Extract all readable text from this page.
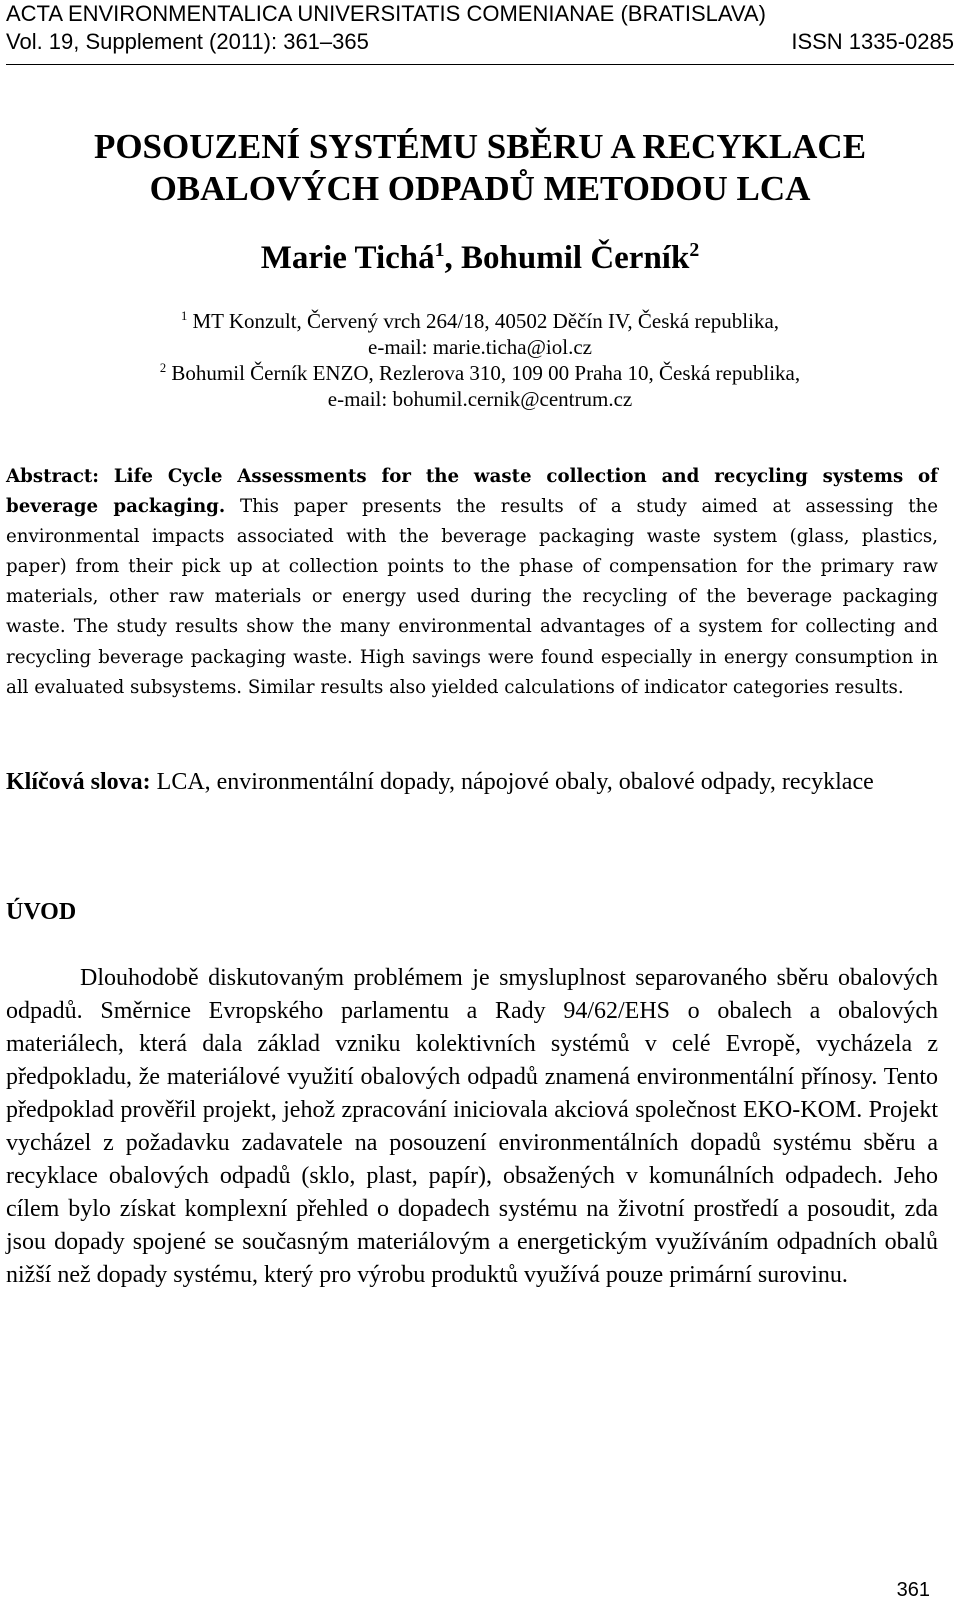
ACTA ENVIRONMENTALICA UNIVERSITATIS COMENIANAE (BRATISLAVA)
Vol. 19, Supplement (2011): 361–365	ISSN 1335-0285
POSOUZENÍ SYSTÉMU SBĚRU A RECYKLACE
OBALOVÝCH ODPADŮ METODOU LCA
Marie Tichá$^1$, Bohumil Černík$^2$
$^1$ MT Konzult, Červený vrch 264/18, 40502 Děčín IV, Česká republika,
e-mail: marie.ticha@iol.cz
$^2$ Bohumil Černík ENZO, Rezlerova 310, 109 00 Praha 10, Česká republika,
e-mail: bohumil.cernik@centrum.cz
Abstract: Life Cycle Assessments for the waste collection and recycling systems of beverage packaging. This paper presents the results of a study aimed at assessing the environmental impacts associated with the beverage packaging waste system (glass, plastics, paper) from their pick up at collection points to the phase of compensation for the primary raw materials, other raw materials or energy used during the recycling of the beverage packaging waste. The study results show the many environmental advantages of a system for collecting and recycling beverage packaging waste. High savings were found especially in energy consumption in all evaluated subsystems. Similar results also yielded calculations of indicator categories results.
Klíčová slova: LCA, environmentální dopady, nápojové obaly, obalové odpady, recyklace
ÚVOD
Dlouhodobě diskutovaným problémem je smysluplnost separovaného sběru obalových odpadů. Směrnice Evropského parlamentu a Rady 94/62/EHS o obalech a obalových materiálech, která dala základ vzniku kolektivních systémů v celé Evropě, vycházela z předpokladu, že materiálové využití obalových odpadů znamená environmentální přínosy. Tento předpoklad prověřil projekt, jehož zpracování iniciovala akciová společnost EKO-KOM. Projekt vycházel z požadavku zadavatele na posouzení environmentálních dopadů systému sběru a recyklace obalových odpadů (sklo, plast, papír), obsažených v komunálních odpadech. Jeho cílem bylo získat komplexní přehled o dopadech systému na životní prostředí a posoudit, zda jsou dopady spojené se současným materiálovým a energetickým využíváním odpadních obalů nižší než dopady systému, který pro výrobu produktů využívá pouze primární surovinu.
361
